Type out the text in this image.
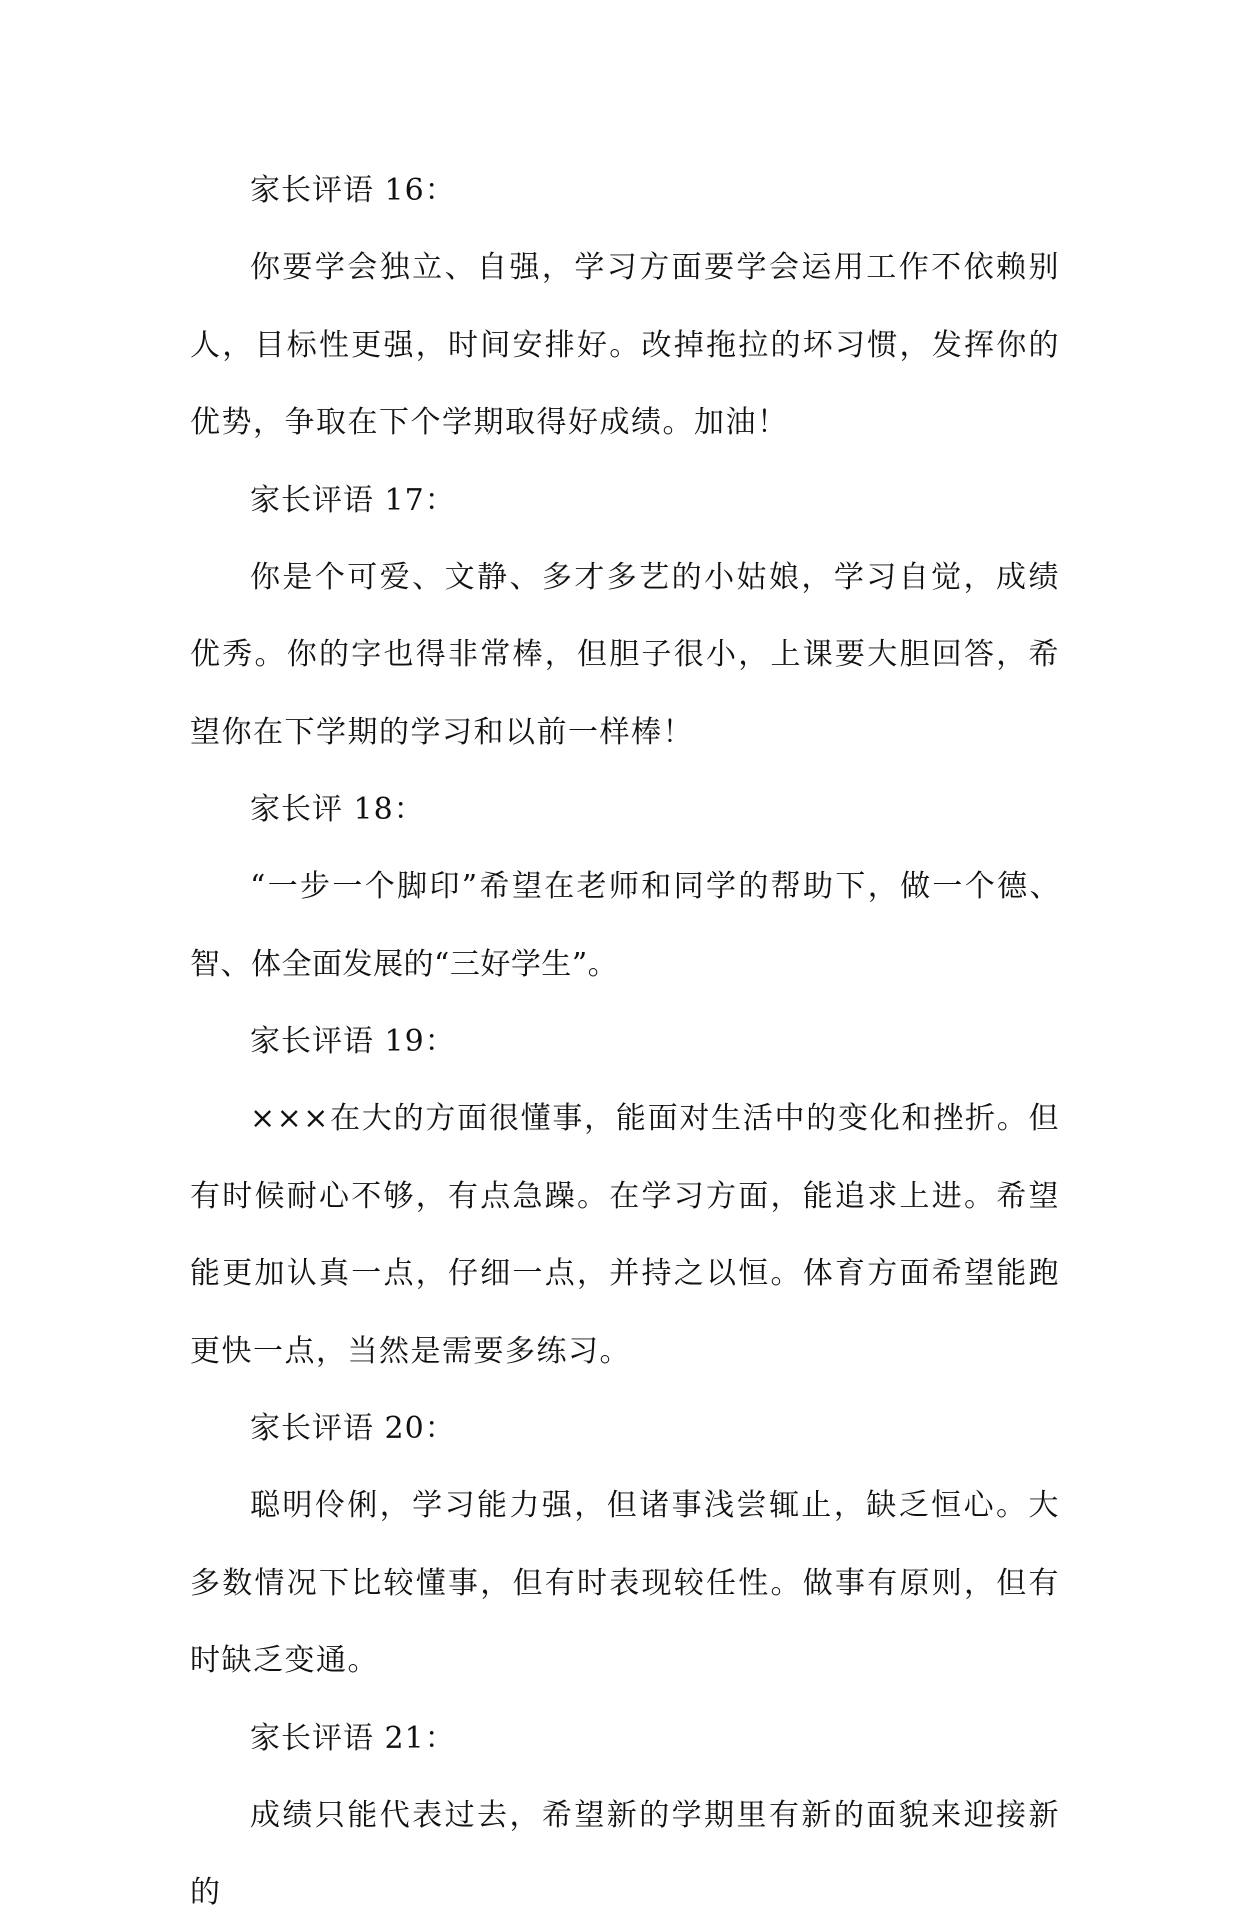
家长评语 16：

你要学会独立、自强，学习方面要学会运用工作不依赖别人，目标性更强，时间安排好。改掉拖拉的坏习惯，发挥你的优势，争取在下个学期取得好成绩。加油！

家长评语 17：

你是个可爱、文静、多才多艺的小姑娘，学习自觉，成绩优秀。你的字也得非常棒，但胆子很小，上课要大胆回答，希望你在下学期的学习和以前一样棒！

家长评 18：

“一步一个脚印”希望在老师和同学的帮助下，做一个德、智、体全面发展的“三好学生”。

家长评语 19：

×××在大的方面很懂事，能面对生活中的变化和挫折。但有时候耐心不够，有点急躁。在学习方面，能追求上进。希望能更加认真一点，仔细一点，并持之以恒。体育方面希望能跑更快一点，当然是需要多练习。

家长评语 20：

聪明伶俐，学习能力强，但诸事浅尝辄止，缺乏恒心。大多数情况下比较懂事，但有时表现较任性。做事有原则，但有时缺乏变通。

家长评语 21：

成绩只能代表过去，希望新的学期里有新的面貌来迎接新的
